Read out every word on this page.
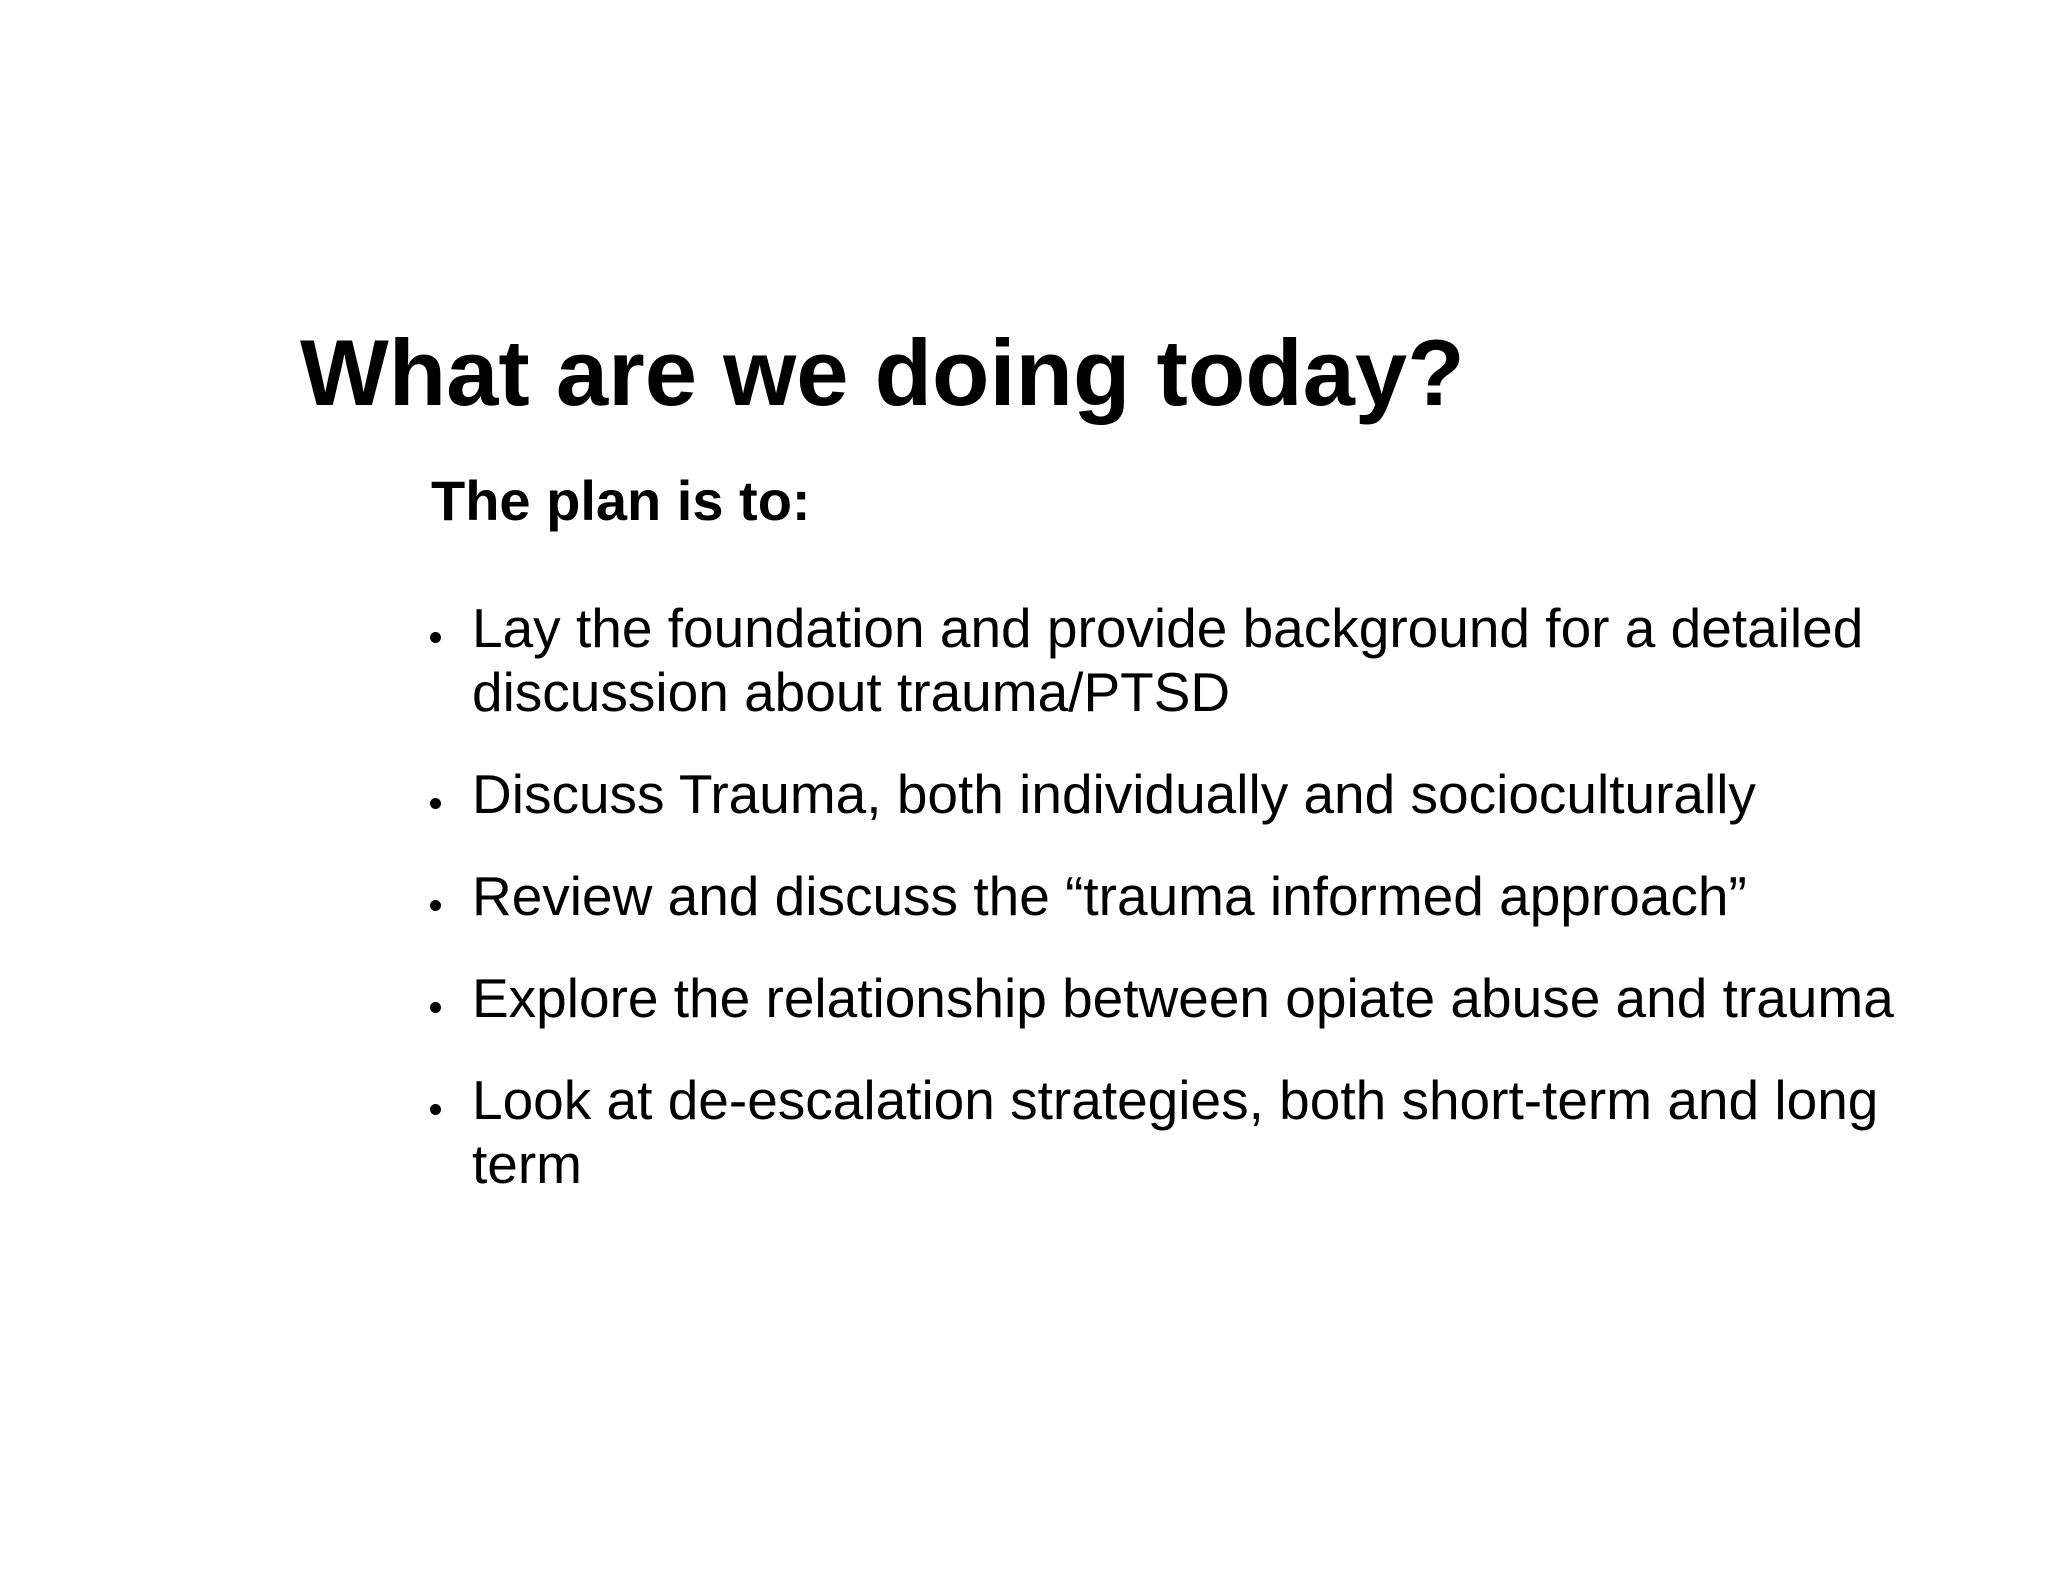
What are we doing today?
The plan is to:
Lay the foundation and provide background for a detailed discussion about trauma/PTSD
Discuss Trauma, both individually and socioculturally
Review and discuss the “trauma informed approach”
Explore the relationship between opiate abuse and trauma
Look at de-escalation strategies, both short-term and long term
